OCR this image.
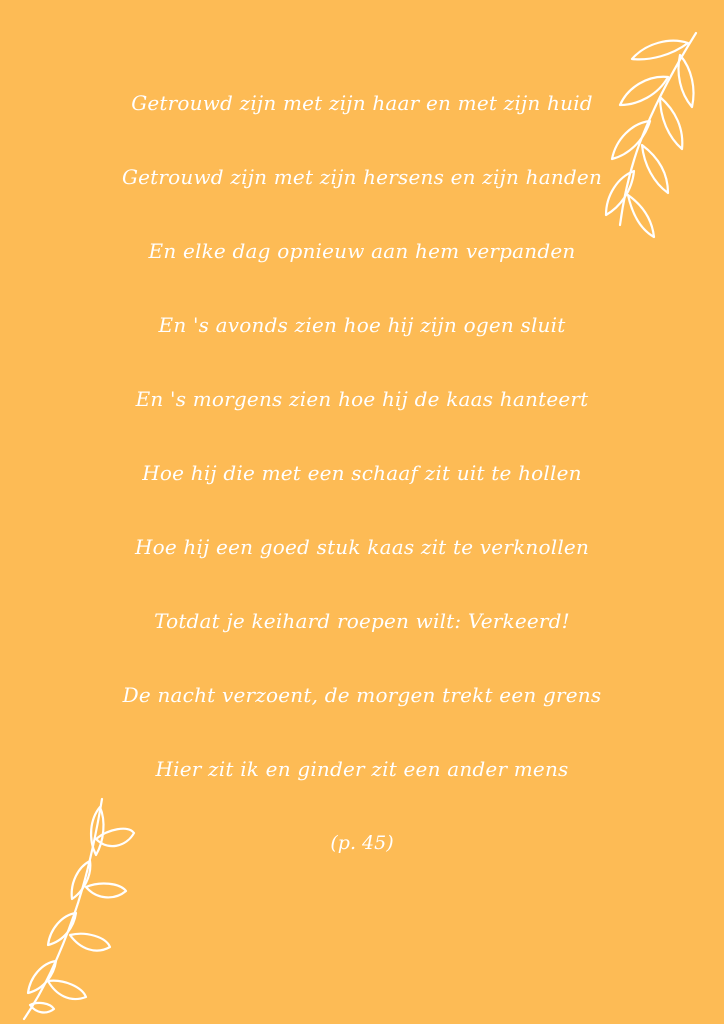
Getrouwd zijn met zijn haar en met zijn huid
Getrouwd zijn met zijn hersens en zijn handen
En elke dag opnieuw aan hem verpanden
En 's avonds zien hoe hij zijn ogen sluit
En 's morgens zien hoe hij de kaas hanteert
Hoe hij die met een schaaf zit uit te hollen
Hoe hij een goed stuk kaas zit te verknollen
Totdat je keihard roepen wilt: Verkeerd!
De nacht verzoent, de morgen trekt een grens
Hier zit ik en ginder zit een ander mens
(p. 45)
